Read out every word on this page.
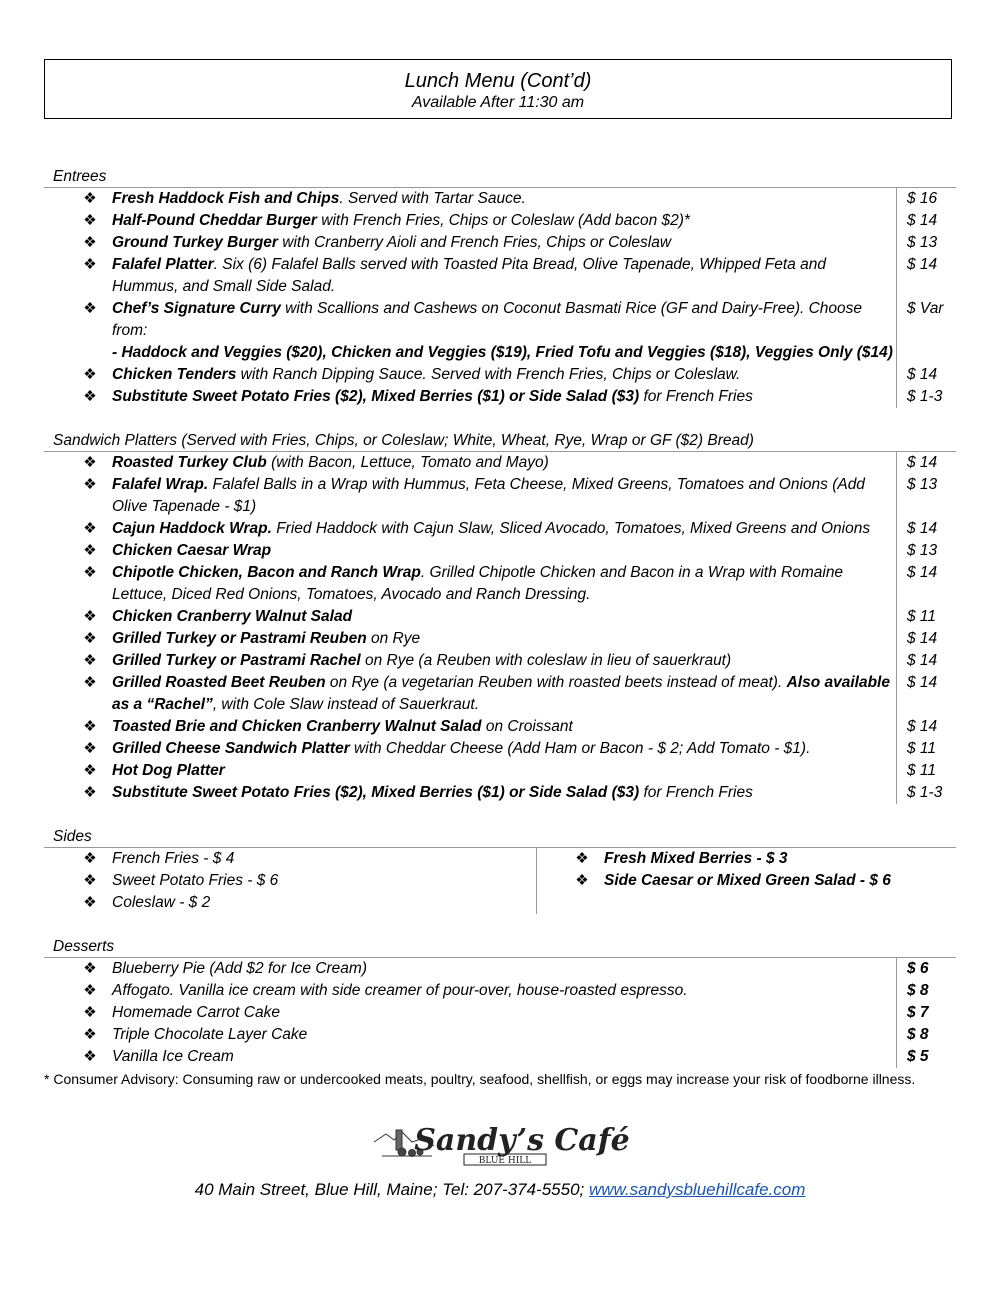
Lunch Menu (Cont’d)
Available After 11:30 am
Entrees
❖ Fresh Haddock Fish and Chips. Served with Tartar Sauce.	$ 16
❖ Half-Pound Cheddar Burger with French Fries, Chips or Coleslaw (Add bacon $2)*	$ 14
❖ Ground Turkey Burger with Cranberry Aioli and French Fries, Chips or Coleslaw	$ 13
❖ Falafel Platter. Six (6) Falafel Balls served with Toasted Pita Bread, Olive Tapenade, Whipped Feta and Hummus, and Small Side Salad.
$ 14
❖ Chef’s Signature Curry with Scallions and Cashews on Coconut Basmati Rice (GF and Dairy-Free). Choose from:
- Haddock and Veggies ($20), Chicken and Veggies ($19), Fried Tofu and Veggies ($18), Veggies Only ($14)
$ Var
❖ Chicken Tenders with Ranch Dipping Sauce. Served with French Fries, Chips or Coleslaw.	$ 14
❖ Substitute Sweet Potato Fries ($2), Mixed Berries ($1) or Side Salad ($3) for French Fries	$ 1-3
Sandwich Platters (Served with Fries, Chips, or Coleslaw; White, Wheat, Rye, Wrap or GF ($2) Bread)
❖ Roasted Turkey Club (with Bacon, Lettuce, Tomato and Mayo)	$ 14
❖ Falafel Wrap. Falafel Balls in a Wrap with Hummus, Feta Cheese, Mixed Greens, Tomatoes and Onions (Add Olive Tapenade - $1)
$ 13
❖ Cajun Haddock Wrap. Fried Haddock with Cajun Slaw, Sliced Avocado, Tomatoes, Mixed Greens and Onions	$ 14
❖ Chicken Caesar Wrap	$ 13
❖ Chipotle Chicken, Bacon and Ranch Wrap. Grilled Chipotle Chicken and Bacon in a Wrap with Romaine Lettuce, Diced Red Onions, Tomatoes, Avocado and Ranch Dressing.
$ 14
❖ Chicken Cranberry Walnut Salad	$ 11
❖ Grilled Turkey or Pastrami Reuben on Rye	$ 14
❖ Grilled Turkey or Pastrami Rachel on Rye (a Reuben with coleslaw in lieu of sauerkraut)	$ 14
❖ Grilled Roasted Beet Reuben on Rye (a vegetarian Reuben with roasted beets instead of meat). Also available as a “Rachel”, with Cole Slaw instead of Sauerkraut.
$ 14
❖ Toasted Brie and Chicken Cranberry Walnut Salad on Croissant	$ 14
❖ Grilled Cheese Sandwich Platter with Cheddar Cheese (Add Ham or Bacon - $ 2; Add Tomato - $1).	$ 11
❖ Hot Dog Platter	$ 11
❖ Substitute Sweet Potato Fries ($2), Mixed Berries ($1) or Side Salad ($3) for French Fries	$ 1-3
Sides
❖ French Fries - $ 4
❖ Sweet Potato Fries - $ 6
❖ Coleslaw - $ 2
❖ Fresh Mixed Berries - $ 3
❖ Side Caesar or Mixed Green Salad - $ 6
Desserts
❖ Blueberry Pie (Add $2 for Ice Cream)	$ 6
❖ Affogato. Vanilla ice cream with side creamer of pour-over, house-roasted espresso.	$ 8
❖ Homemade Carrot Cake	$ 7
❖ Triple Chocolate Layer Cake	$ 8
❖ Vanilla Ice Cream	$ 5
* Consumer Advisory: Consuming raw or undercooked meats, poultry, seafood, shellfish, or eggs may increase your risk of foodborne illness.
Sandy’s Café
BLUE HILL
40 Main Street, Blue Hill, Maine; Tel: 207-374-5550; www.sandysbluehillcafe.com
